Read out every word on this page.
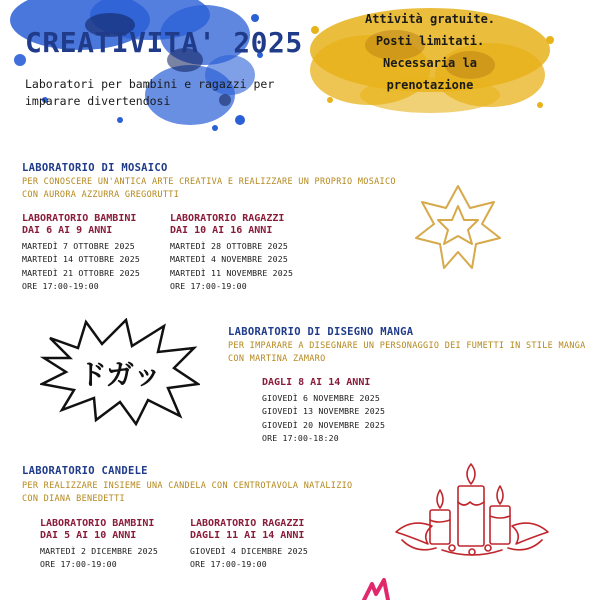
CREATIVITA' 2025
Laboratori per bambini e ragazzi per imparare divertendosi
Attività gratuite. Posti limitati. Necessaria la prenotazione
LABORATORIO DI MOSAICO
PER CONOSCERE UN'ANTICA ARTE CREATIVA E REALIZZARE UN PROPRIO MOSAICO
CON AURORA AZZURRA GREGORUTTI
LABORATORIO BAMBINI
DAI 6 AI 9 ANNI
MARTEDÌ 7 OTTOBRE 2025
MARTEDÌ 14 OTTOBRE 2025
MARTEDÌ 21 OTTOBRE 2025
ORE 17:00-19:00
LABORATORIO RAGAZZI
DAI 10 AI 16 ANNI
MARTEDÌ 28 OTTOBRE 2025
MARTEDÌ 4 NOVEMBRE 2025
MARTEDÌ 11 NOVEMBRE 2025
ORE 17:00-19:00
ドガッ
LABORATORIO DI DISEGNO MANGA
PER IMPARARE A DISEGNARE UN PERSONAGGIO DEI FUMETTI IN STILE MANGA
CON MARTINA ZAMARO
DAGLI 8 AI 14 ANNI
GIOVEDÌ 6 NOVEMBRE 2025
GIOVEDÌ 13 NOVEMBRE 2025
GIOVEDÌ 20 NOVEMBRE 2025
ORE 17:00-18:20
LABORATORIO CANDELE
PER REALIZZARE INSIEME UNA CANDELA CON CENTROTAVOLA NATALIZIO
CON DIANA BENEDETTI
LABORATORIO BAMBINI
DAI 5 AI 10 ANNI
MARTEDÌ 2 DICEMBRE 2025
ORE 17:00-19:00
LABORATORIO RAGAZZI
DAGLI 11 AI 14 ANNI
GIOVEDÌ 4 DICEMBRE 2025
ORE 17:00-19:00
